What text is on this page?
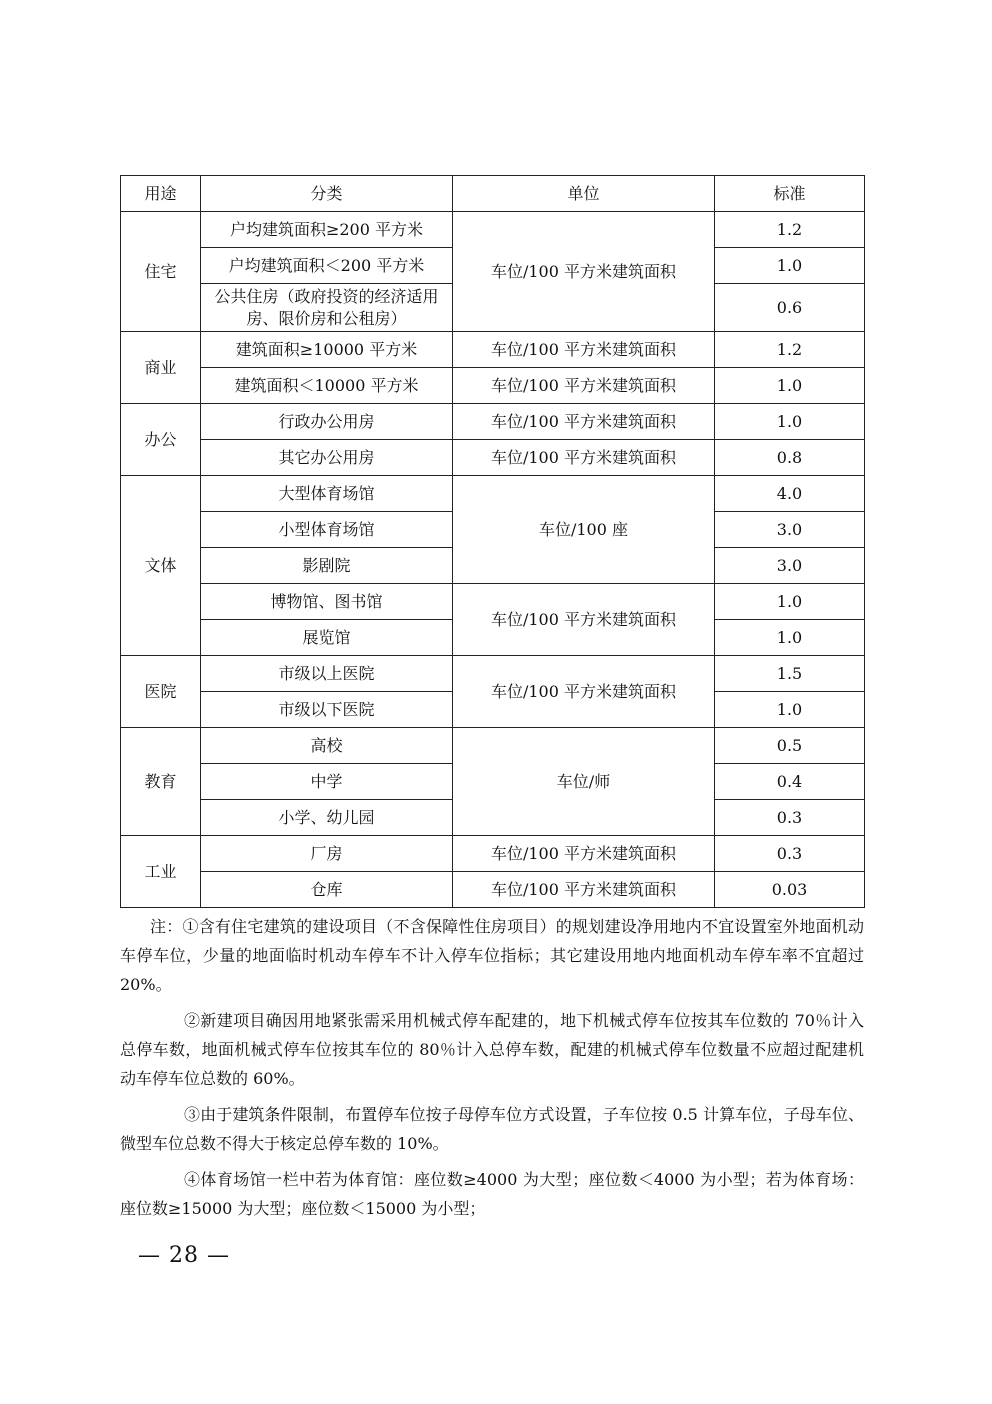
用途	分类	单位	标准
住宅	户均建筑面积≥200 平方米	车位/100 平方米建筑面积	1.2
	户均建筑面积＜200 平方米		1.0
	公共住房（政府投资的经济适用房、限价房和公租房）		0.6
商业	建筑面积≥10000 平方米	车位/100 平方米建筑面积	1.2
	建筑面积＜10000 平方米	车位/100 平方米建筑面积	1.0
办公	行政办公用房	车位/100 平方米建筑面积	1.0
	其它办公用房	车位/100 平方米建筑面积	0.8
文体	大型体育场馆	车位/100 座	4.0
	小型体育场馆		3.0
	影剧院		3.0
	博物馆、图书馆	车位/100 平方米建筑面积	1.0
	展览馆		1.0
医院	市级以上医院	车位/100 平方米建筑面积	1.5
	市级以下医院		1.0
教育	高校	车位/师	0.5
	中学		0.4
	小学、幼儿园		0.3
工业	厂房	车位/100 平方米建筑面积	0.3
	仓库	车位/100 平方米建筑面积	0.03

注：①含有住宅建筑的建设项目（不含保障性住房项目）的规划建设净用地内不宜设置室外地面机动车停车位，少量的地面临时机动车停车不计入停车位指标；其它建设用地内地面机动车停车率不宜超过 20%。

②新建项目确因用地紧张需采用机械式停车配建的，地下机械式停车位按其车位数的 70％计入总停车数，地面机械式停车位按其车位的 80％计入总停车数，配建的机械式停车位数量不应超过配建机动车停车位总数的 60%。

③由于建筑条件限制，布置停车位按子母停车位方式设置，子车位按 0.5 计算车位，子母车位、微型车位总数不得大于核定总停车数的 10%。

④体育场馆一栏中若为体育馆：座位数≥4000 为大型；座位数＜4000 为小型；若为体育场：座位数≥15000 为大型；座位数＜15000 为小型；

— 28 —
